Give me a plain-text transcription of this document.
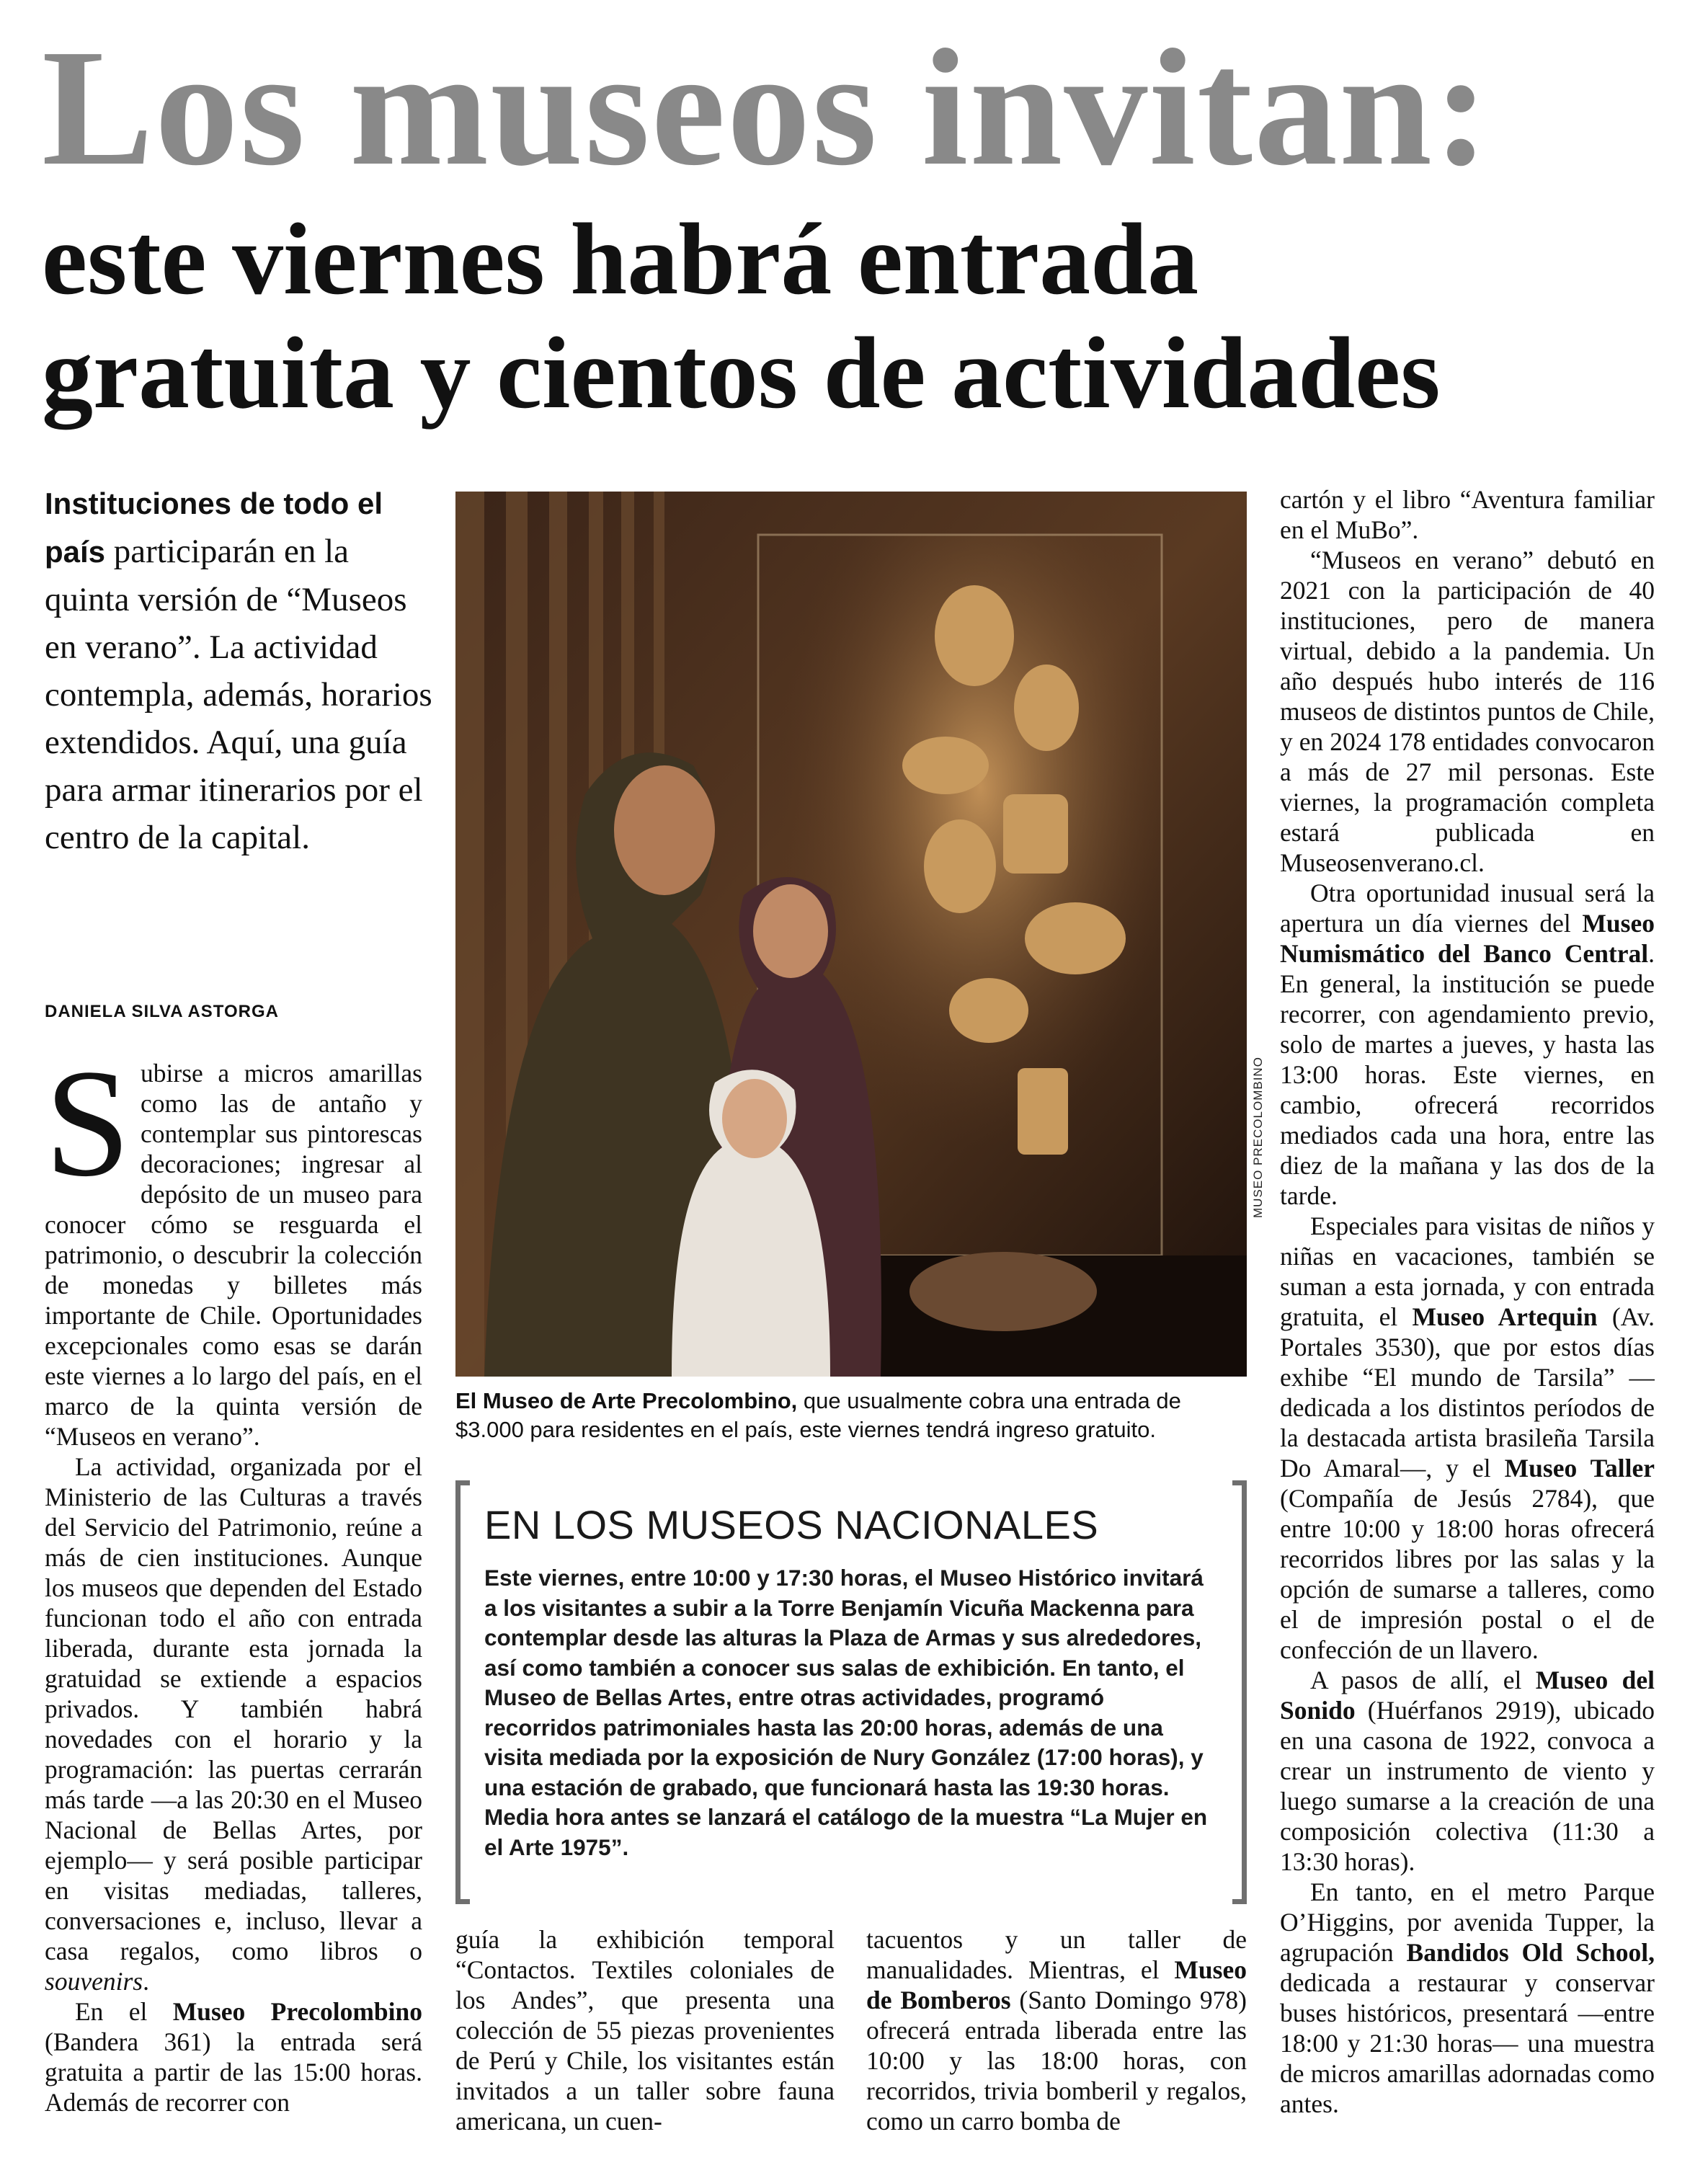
Los museos invitan:
este viernes habrá entrada
gratuita y cientos de actividades
Instituciones de todo el país participarán en la quinta versión de “Museos en verano”. La actividad contempla, además, horarios extendidos. Aquí, una guía para armar itinerarios por el centro de la capital.
DANIELA SILVA ASTORGA

Subirse a micros amarillas como las de antaño y contemplar sus pintorescas decoraciones; ingresar al depósito de un museo para conocer cómo se resguarda el patrimonio, o descubrir la colección de monedas y billetes más importante de Chile. Oportunidades excepcionales como esas se darán este viernes a lo largo del país, en el marco de la quinta versión de “Museos en verano”.

La actividad, organizada por el Ministerio de las Culturas a través del Servicio del Patrimonio, reúne a más de cien instituciones. Aunque los museos que dependen del Estado funcionan todo el año con entrada liberada, durante esta jornada la gratuidad se extiende a espacios privados. Y también habrá novedades con el horario y la programación: las puertas cerrarán más tarde —a las 20:30 en el Museo Nacional de Bellas Artes, por ejemplo— y será posible participar en visitas mediadas, talleres, conversaciones e, incluso, llevar a casa regalos, como libros o souvenirs.

En el Museo Precolombino (Bandera 361) la entrada será gratuita a partir de las 15:00 horas. Además de recorrer con

MUSEO PRECOLOMBINO
El Museo de Arte Precolombino, que usualmente cobra una entrada de $3.000 para residentes en el país, este viernes tendrá ingreso gratuito.
EN LOS MUSEOS NACIONALES
Este viernes, entre 10:00 y 17:30 horas, el Museo Histórico invitará a los visitantes a subir a la Torre Benjamín Vicuña Mackenna para contemplar desde las alturas la Plaza de Armas y sus alrededores, así como también a conocer sus salas de exhibición. En tanto, el Museo de Bellas Artes, entre otras actividades, programó recorridos patrimoniales hasta las 20:00 horas, además de una visita mediada por la exposición de Nury González (17:00 horas), y una estación de grabado, que funcionará hasta las 19:30 horas. Media hora antes se lanzará el catálogo de la muestra “La Mujer en el Arte 1975”.

guía la exhibición temporal “Contactos. Textiles coloniales de los Andes”, que presenta una colección de 55 piezas provenientes de Perú y Chile, los visitantes están invitados a un taller sobre fauna americana, un cuen-

tacuentos y un taller de manualidades. Mientras, el Museo de Bomberos (Santo Domingo 978) ofrecerá entrada liberada entre las 10:00 y las 18:00 horas, con recorridos, trivia bomberil y regalos, como un carro bomba de

cartón y el libro “Aventura familiar en el MuBo”.

“Museos en verano” debutó en 2021 con la participación de 40 instituciones, pero de manera virtual, debido a la pandemia. Un año después hubo interés de 116 museos de distintos puntos de Chile, y en 2024 178 entidades convocaron a más de 27 mil personas. Este viernes, la programación completa estará publicada en Museosenverano.cl.

Otra oportunidad inusual será la apertura un día viernes del Museo Numismático del Banco Central. En general, la institución se puede recorrer, con agendamiento previo, solo de martes a jueves, y hasta las 13:00 horas. Este viernes, en cambio, ofrecerá recorridos mediados cada una hora, entre las diez de la mañana y las dos de la tarde.

Especiales para visitas de niños y niñas en vacaciones, también se suman a esta jornada, y con entrada gratuita, el Museo Artequin (Av. Portales 3530), que por estos días exhibe “El mundo de Tarsila” —dedicada a los distintos períodos de la destacada artista brasileña Tarsila Do Amaral—, y el Museo Taller (Compañía de Jesús 2784), que entre 10:00 y 18:00 horas ofrecerá recorridos libres por las salas y la opción de sumarse a talleres, como el de impresión postal o el de confección de un llavero.

A pasos de allí, el Museo del Sonido (Huérfanos 2919), ubicado en una casona de 1922, convoca a crear un instrumento de viento y luego sumarse a la creación de una composición colectiva (11:30 a 13:30 horas).

En tanto, en el metro Parque O’Higgins, por avenida Tupper, la agrupación Bandidos Old School, dedicada a restaurar y conservar buses históricos, presentará —entre 18:00 y 21:30 horas— una muestra de micros amarillas adornadas como antes.
